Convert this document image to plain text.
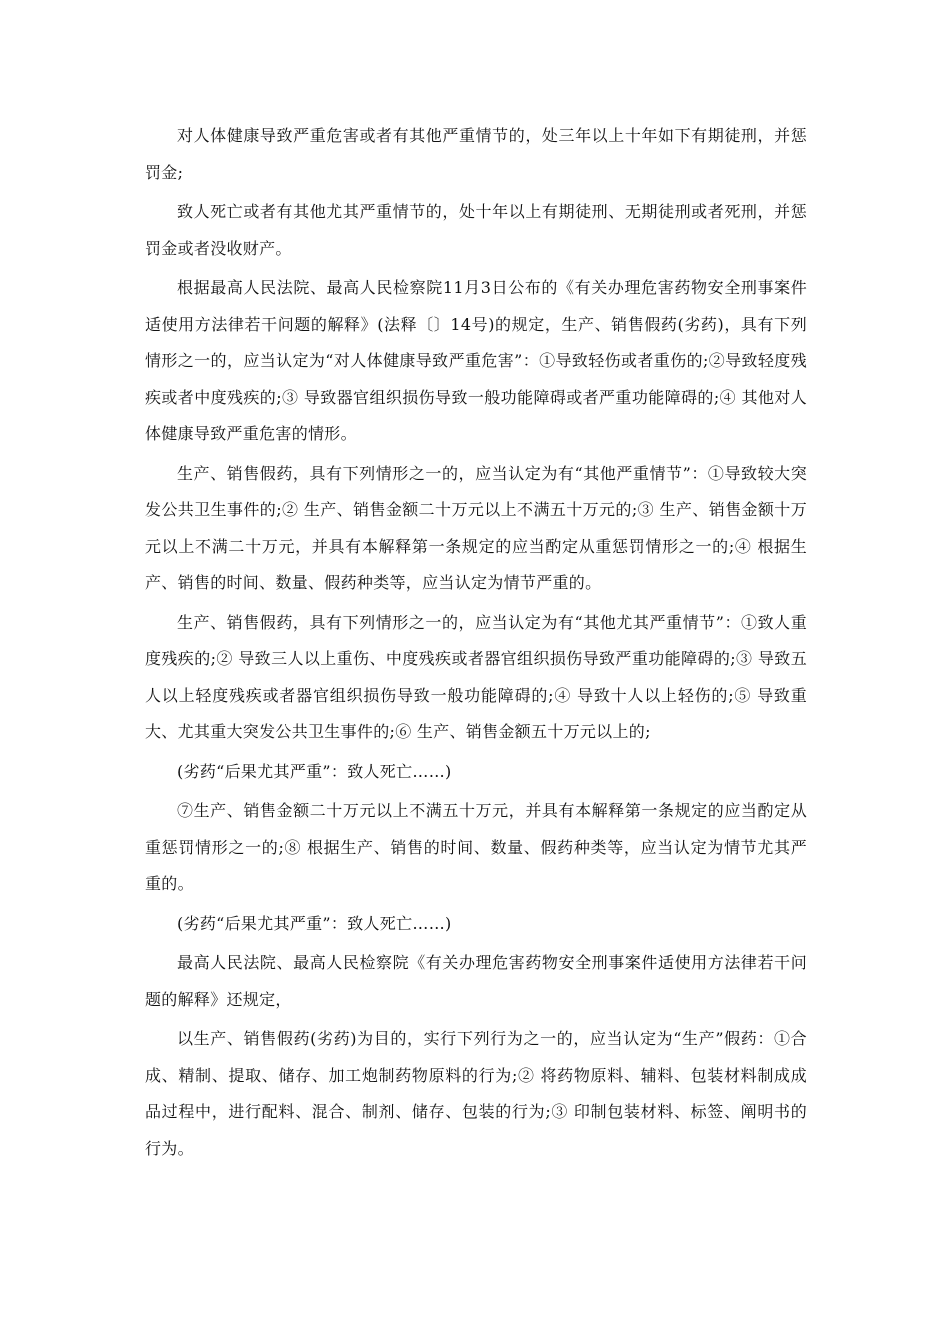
对人体健康导致严重危害或者有其他严重情节的，处三年以上十年如下有期徒刑，并惩罚金;

致人死亡或者有其他尤其严重情节的，处十年以上有期徒刑、无期徒刑或者死刑，并惩罚金或者没收财产。

根据最高人民法院、最高人民检察院11月3日公布的《有关办理危害药物安全刑事案件适使用方法律若干问题的解释》(法释〔〕14号)的规定，生产、销售假药(劣药)，具有下列情形之一的，应当认定为“对人体健康导致严重危害”：①导致轻伤或者重伤的;②导致轻度残疾或者中度残疾的;③ 导致器官组织损伤导致一般功能障碍或者严重功能障碍的;④ 其他对人体健康导致严重危害的情形。

生产、销售假药，具有下列情形之一的，应当认定为有“其他严重情节”：①导致较大突发公共卫生事件的;② 生产、销售金额二十万元以上不满五十万元的;③ 生产、销售金额十万元以上不满二十万元，并具有本解释第一条规定的应当酌定从重惩罚情形之一的;④ 根据生产、销售的时间、数量、假药种类等，应当认定为情节严重的。

生产、销售假药，具有下列情形之一的，应当认定为有“其他尤其严重情节”：①致人重度残疾的;② 导致三人以上重伤、中度残疾或者器官组织损伤导致严重功能障碍的;③ 导致五人以上轻度残疾或者器官组织损伤导致一般功能障碍的;④ 导致十人以上轻伤的;⑤ 导致重大、尤其重大突发公共卫生事件的;⑥ 生产、销售金额五十万元以上的;

(劣药“后果尤其严重”：致人死亡……)

⑦生产、销售金额二十万元以上不满五十万元，并具有本解释第一条规定的应当酌定从重惩罚情形之一的;⑧ 根据生产、销售的时间、数量、假药种类等，应当认定为情节尤其严重的。

(劣药“后果尤其严重”：致人死亡……)

最高人民法院、最高人民检察院《有关办理危害药物安全刑事案件适使用方法律若干问题的解释》还规定，

以生产、销售假药(劣药)为目的，实行下列行为之一的，应当认定为“生产”假药：①合成、精制、提取、储存、加工炮制药物原料的行为;② 将药物原料、辅料、包装材料制成成品过程中，进行配料、混合、制剂、储存、包装的行为;③ 印制包装材料、标签、阐明书的行为。
